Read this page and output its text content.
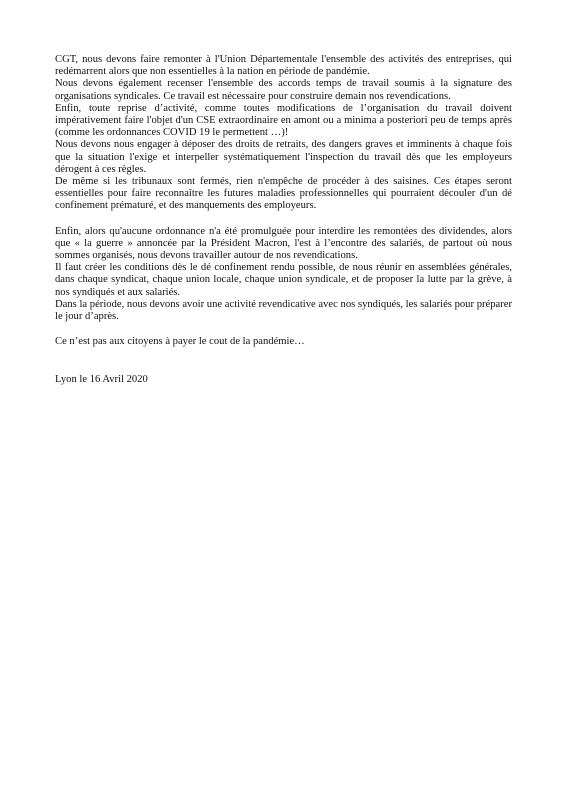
CGT, nous devons faire remonter à l'Union Départementale l'ensemble des activités des entreprises, qui redémarrent alors que non essentielles à la nation en période de pandémie.

Nous devons également recenser l'ensemble des accords temps de travail soumis à la signature des organisations syndicales. Ce travail est nécessaire pour construire demain nos revendications.

Enfin, toute reprise d’activité, comme toutes modifications de l’organisation du travail doivent impérativement faire l'objet d'un CSE extraordinaire en amont ou a minima a posteriori peu de temps après (comme les ordonnances COVID 19 le permettent …)!

Nous devons nous engager à déposer des droits de retraits, des dangers graves et imminents à chaque fois que la situation l'exige et interpeller systématiquement l'inspection du travail dès que les employeurs dérogent à ces règles.

De même si les tribunaux sont fermés, rien n'empêche de procéder à des saisines. Ces étapes seront essentielles pour faire reconnaître les futures maladies professionnelles qui pourraient découler d'un dé confinement prématuré, et des manquements des employeurs.

Enfin, alors qu'aucune ordonnance n'a été promulguée pour interdire les remontées des dividendes, alors que « la guerre » annoncée par la Président Macron, l'est à l’encontre des salariés, de partout où nous sommes organisés, nous devons travailler autour de nos revendications.

Il faut créer les conditions dès le dé confinement rendu possible, de nous réunir en assemblées générales, dans chaque syndicat, chaque union locale, chaque union syndicale, et de proposer la lutte par la grève, à nos syndiqués et aux salariés.

Dans la période, nous devons avoir une activité revendicative avec nos syndiqués, les salariés pour préparer le jour d’après.

Ce n’est pas aux citoyens à payer le cout de la pandémie…

Lyon le 16 Avril 2020
